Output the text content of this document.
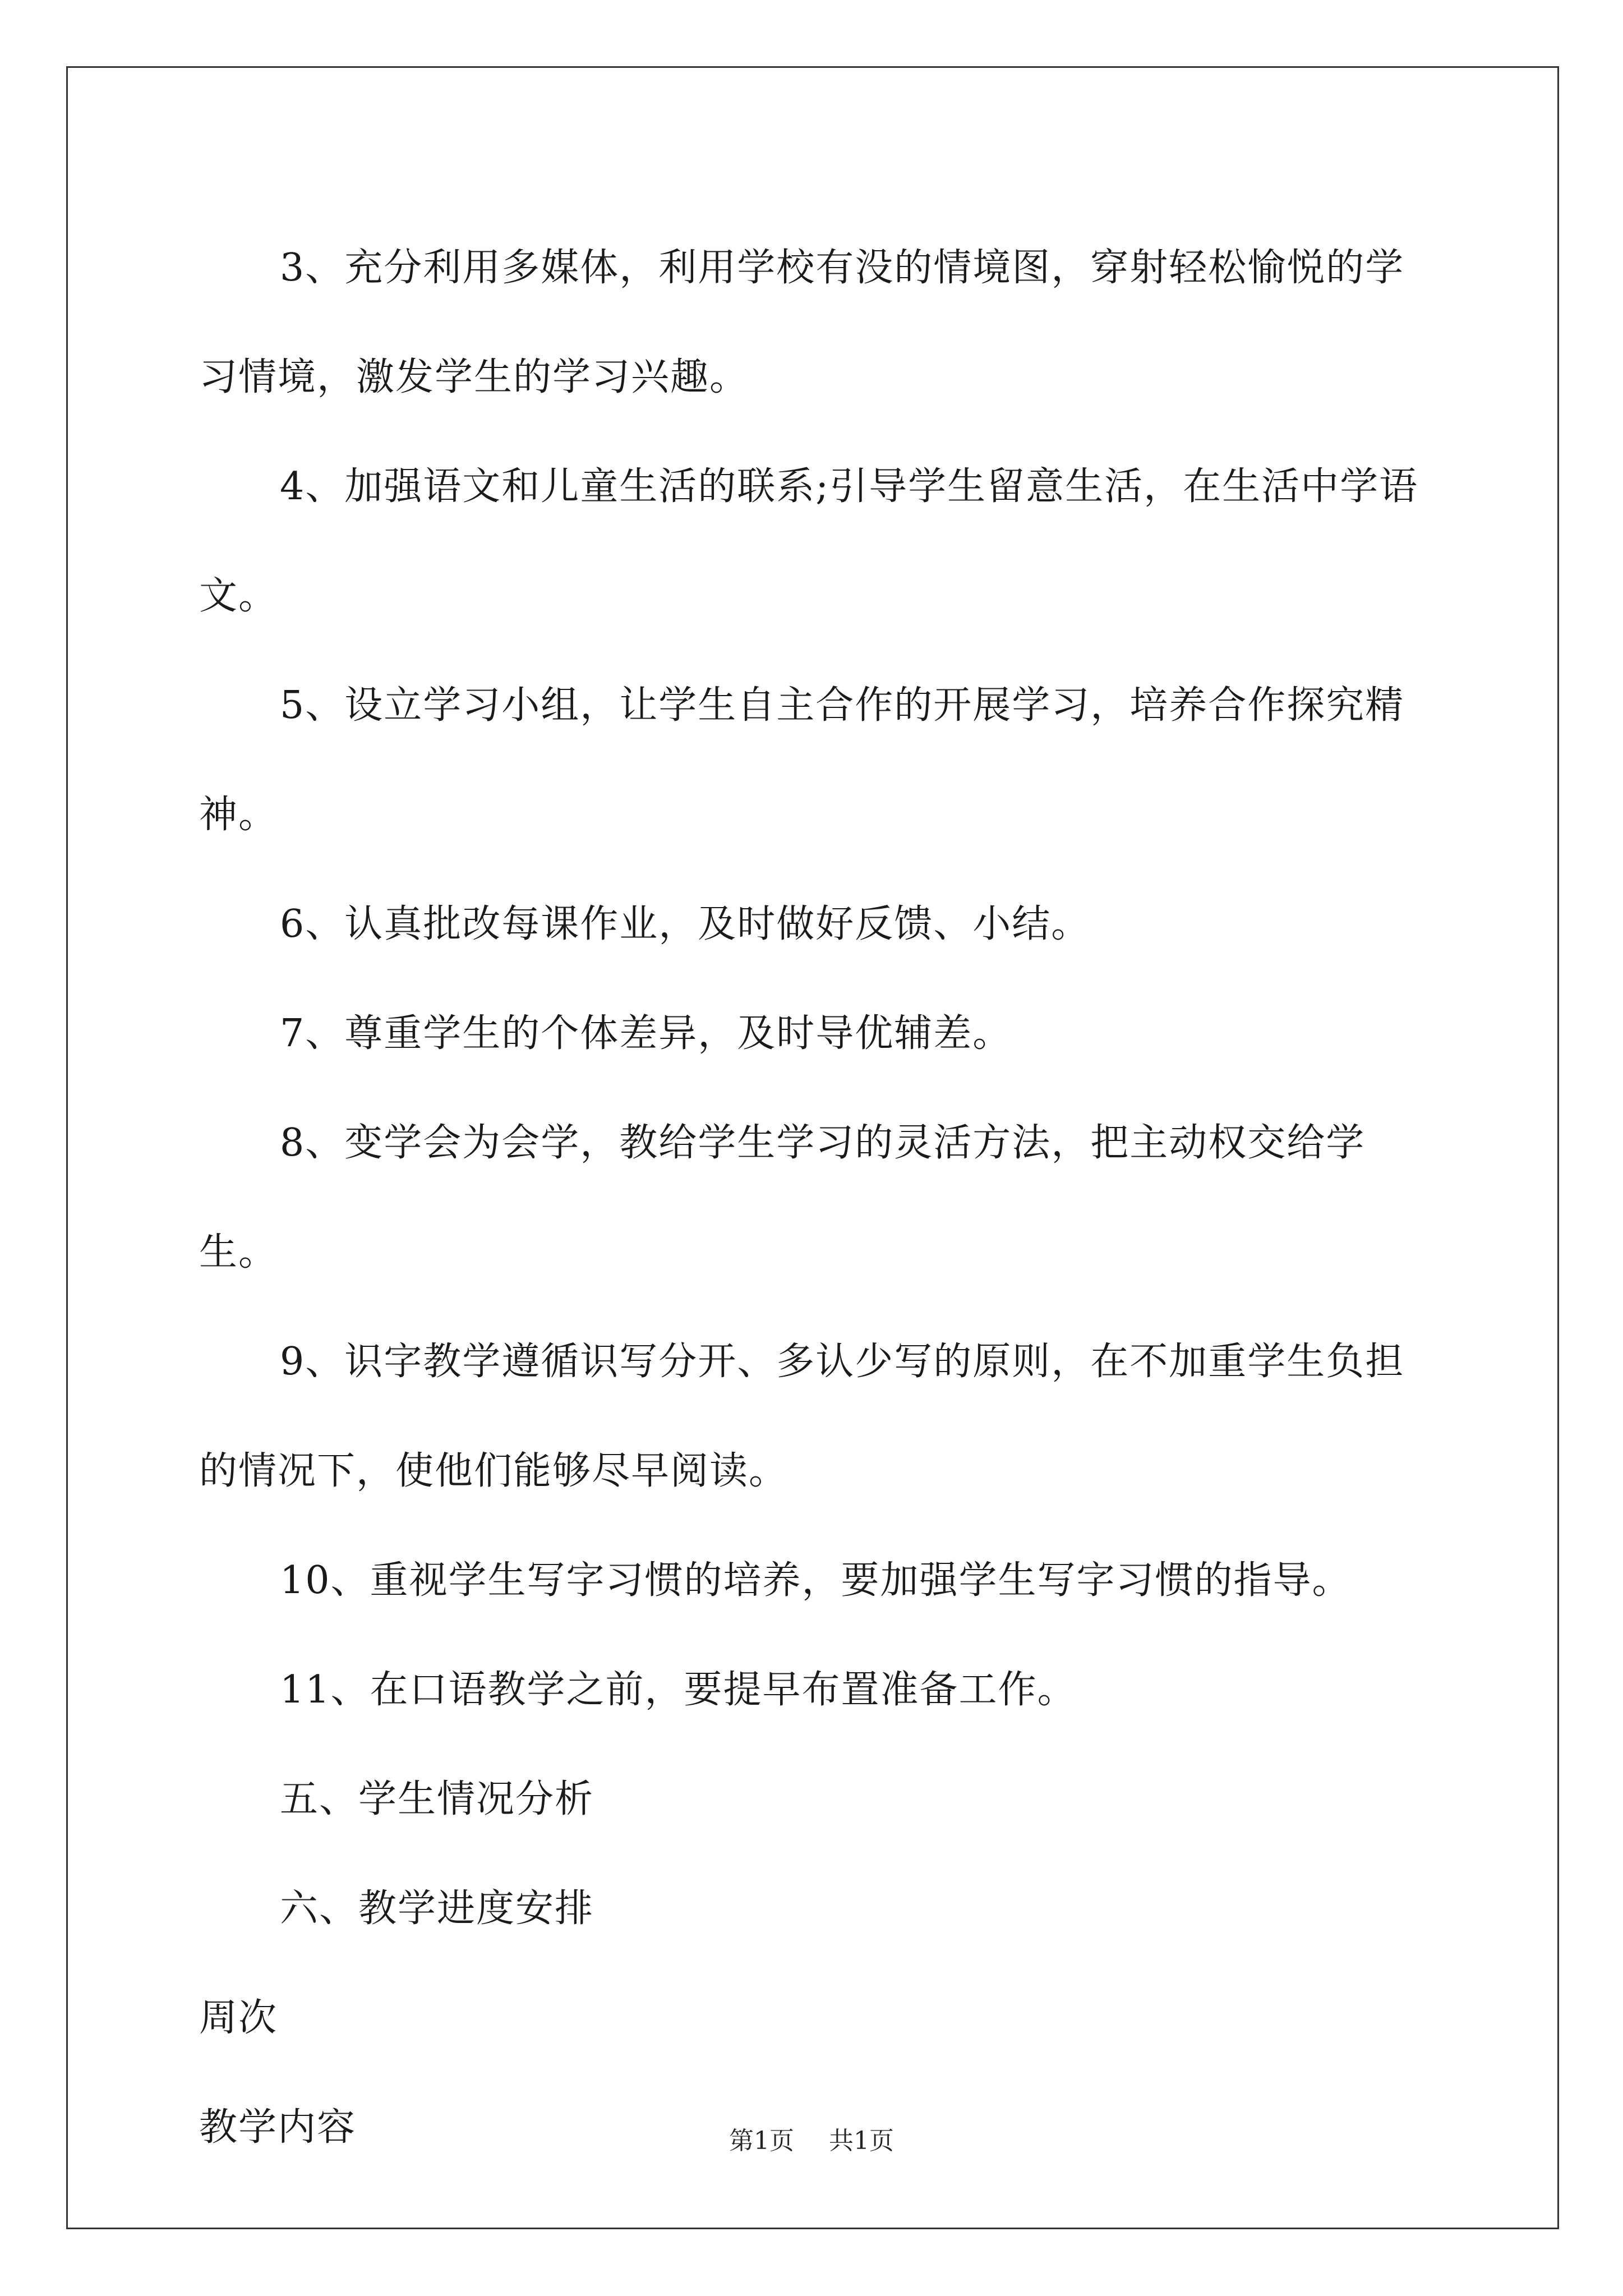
3、充分利用多媒体，利用学校有没的情境图，穿射轻松愉悦的学习情境，激发学生的学习兴趣。

4、加强语文和儿童生活的联系;引导学生留意生活，在生活中学语文。

5、设立学习小组，让学生自主合作的开展学习，培养合作探究精神。

6、认真批改每课作业，及时做好反馈、小结。

7、尊重学生的个体差异，及时导优辅差。

8、变学会为会学，教给学生学习的灵活方法，把主动权交给学生。

9、识字教学遵循识写分开、多认少写的原则，在不加重学生负担的情况下，使他们能够尽早阅读。

10、重视学生写字习惯的培养，要加强学生写字习惯的指导。

11、在口语教学之前，要提早布置准备工作。

五、学生情况分析

六、教学进度安排

周次

教学内容	第1页 共1页
